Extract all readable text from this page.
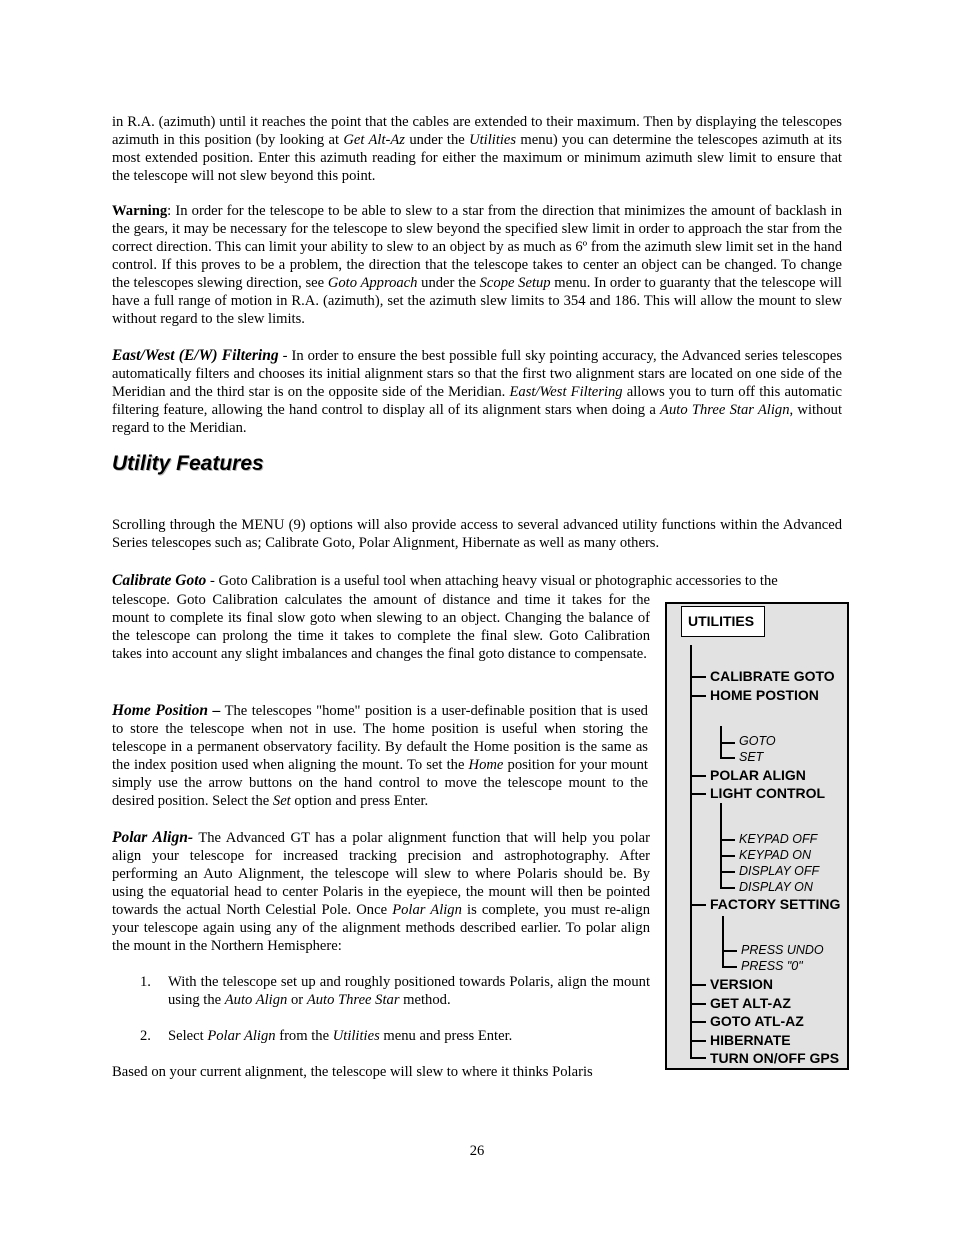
in R.A. (azimuth) until it reaches the point that the cables are extended to their maximum. Then by displaying the telescopes azimuth in this position (by looking at Get Alt-Az under the Utilities menu) you can determine the telescopes azimuth at its most extended position. Enter this azimuth reading for either the maximum or minimum azimuth slew limit to ensure that the telescope will not slew beyond this point.
Warning: In order for the telescope to be able to slew to a star from the direction that minimizes the amount of backlash in the gears, it may be necessary for the telescope to slew beyond the specified slew limit in order to approach the star from the correct direction. This can limit your ability to slew to an object by as much as 6º from the azimuth slew limit set in the hand control. If this proves to be a problem, the direction that the telescope takes to center an object can be changed. To change the telescopes slewing direction, see Goto Approach under the Scope Setup menu. In order to guaranty that the telescope will have a full range of motion in R.A. (azimuth), set the azimuth slew limits to 354 and 186. This will allow the mount to slew without regard to the slew limits.
East/West (E/W) Filtering - In order to ensure the best possible full sky pointing accuracy, the Advanced series telescopes automatically filters and chooses its initial alignment stars so that the first two alignment stars are located on one side of the Meridian and the third star is on the opposite side of the Meridian. East/West Filtering allows you to turn off this automatic filtering feature, allowing the hand control to display all of its alignment stars when doing a Auto Three Star Align, without regard to the Meridian.
Utility Features
Scrolling through the MENU (9) options will also provide access to several advanced utility functions within the Advanced Series telescopes such as; Calibrate Goto, Polar Alignment, Hibernate as well as many others.
Calibrate Goto - Goto Calibration is a useful tool when attaching heavy visual or photographic accessories to the
telescope. Goto Calibration calculates the amount of distance and time it takes for the mount to complete its final slow goto when slewing to an object. Changing the balance of the telescope can prolong the time it takes to complete the final slew. Goto Calibration takes into account any slight imbalances and changes the final goto distance to compensate.
Home Position – The telescopes "home" position is a user-definable position that is used to store the telescope when not in use. The home position is useful when storing the telescope in a permanent observatory facility. By default the Home position is the same as the index position used when aligning the mount. To set the Home position for your mount simply use the arrow buttons on the hand control to move the telescope mount to the desired position. Select the Set option and press Enter.
Polar Align- The Advanced GT has a polar alignment function that will help you polar align your telescope for increased tracking precision and astrophotography. After performing an Auto Alignment, the telescope will slew to where Polaris should be. By using the equatorial head to center Polaris in the eyepiece, the mount will then be pointed towards the actual North Celestial Pole. Once Polar Align is complete, you must re-align your telescope again using any of the alignment methods described earlier. To polar align the mount in the Northern Hemisphere:
1. With the telescope set up and roughly positioned towards Polaris, align the mount using the Auto Align or Auto Three Star method.
2. Select Polar Align from the Utilities menu and press Enter.
Based on your current alignment, the telescope will slew to where it thinks Polaris
26
UTILITIES
CALIBRATE GOTO
HOME POSTION
GOTO
SET
POLAR ALIGN
LIGHT CONTROL
KEYPAD OFF
KEYPAD ON
DISPLAY OFF
DISPLAY ON
FACTORY SETTING
PRESS UNDO
PRESS "0"
VERSION
GET ALT-AZ
GOTO ATL-AZ
HIBERNATE
TURN ON/OFF GPS
